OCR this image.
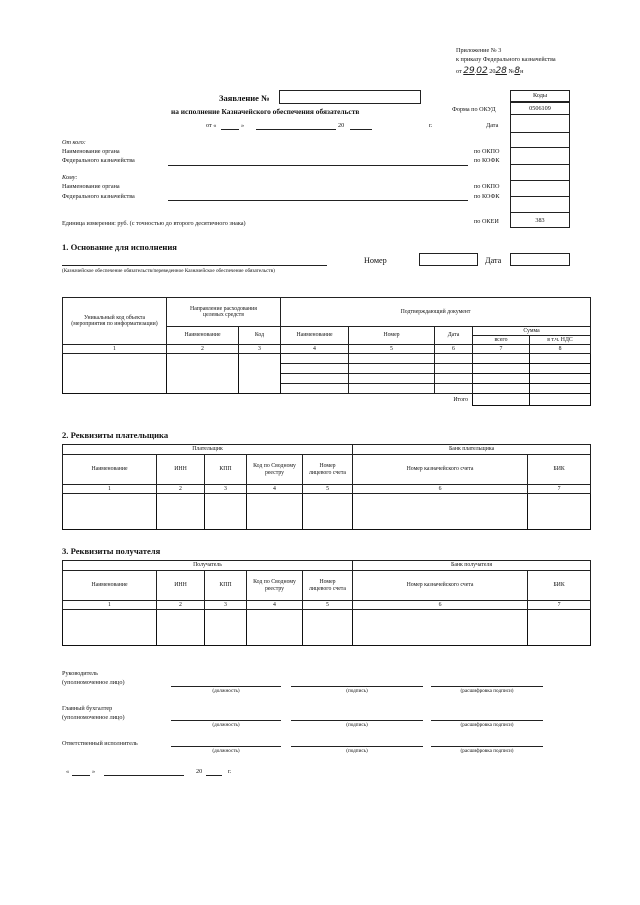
Приложение № 3
к приказу Федерального казначейства
от 29.02 2028 №8н
Заявление №
на исполнение Казначейского обеспечения обязательств
от «	»	20	г.
Коды
Форма по ОКУД	0506109
Дата
по ОКПО
по КОФК
по ОКПО
по КОФК
по ОКЕИ	383
От кого:
Наименование органа
Федерального казначейства
Кому:
Наименование органа
Федерального казначейства
Единица измерения: руб. (с точностью до второго десятичного знака)
1. Основание для исполнения
(Казначейское обеспечение обязательств/переведенное Казначейское обеспечение обязательств)
Номер	Дата
Уникальный код объекта (мероприятия по информатизации)	Направление расходования целевых средств		Подтверждающий документ				
	Наименование	Код	Наименование	Номер	Дата	Сумма	
						всего	в т.ч. НДС
1	2	3	4	5	6	7	8

Итого							
2. Реквизиты плательщика
Плательщик					Банк плательщика	
Наименование	ИНН	КПП	Код по Сводному реестру	Номер лицевого счета	Номер казначейского счета	БИК
1	2	3	4	5	6	7

3. Реквизиты получателя
Получатель					Банк получателя	
Наименование	ИНН	КПП	Код по Сводному реестру	Номер лицевого счета	Номер казначейского счета	БИК
1	2	3	4	5	6	7

Руководитель
(уполномоченное лицо)
(должность)	(подпись)	(расшифровка подписи)
Главный бухгалтер
(уполномоченное лицо)
(должность)	(подпись)	(расшифровка подписи)
Ответственный исполнитель
(должность)	(подпись)	(расшифровка подписи)
«	»	20	г.
